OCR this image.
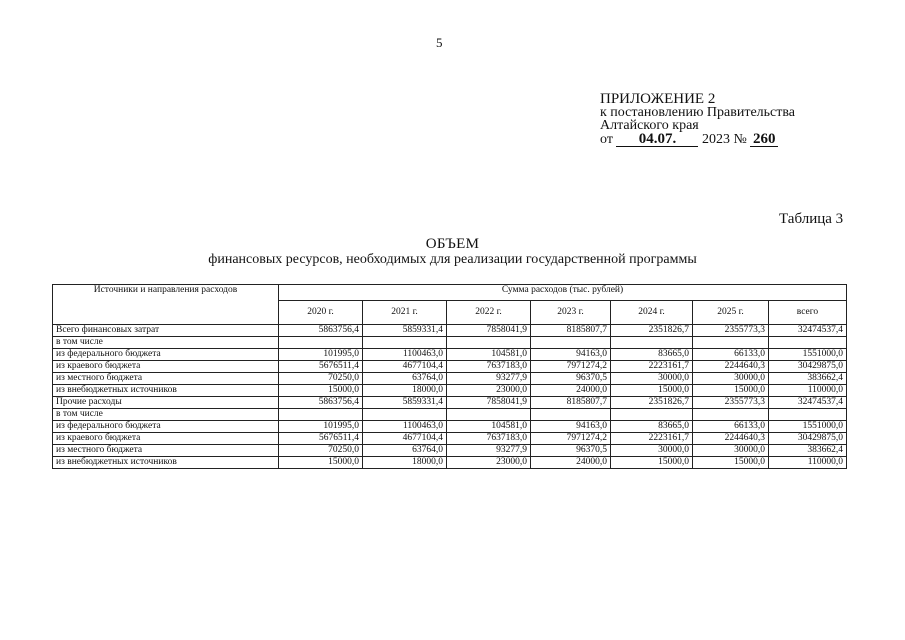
5
ПРИЛОЖЕНИЕ 2
к постановлению Правительства
Алтайского края
от 04.07. 2023 № 260
Таблица 3
ОБЪЕМ
финансовых ресурсов, необходимых для реализации государственной программы
Источники и направления расходов	Сумма расходов (тыс. рублей)						
	2020 г.	2021 г.	2022 г.	2023 г.	2024 г.	2025 г.	всего
Всего финансовых затрат	5863756,4	5859331,4	7858041,9	8185807,7	2351826,7	2355773,3	32474537,4
в том числе							
из федерального бюджета	101995,0	1100463,0	104581,0	94163,0	83665,0	66133,0	1551000,0
из краевого бюджета	5676511,4	4677104,4	7637183,0	7971274,2	2223161,7	2244640,3	30429875,0
из местного бюджета	70250,0	63764,0	93277,9	96370,5	30000,0	30000,0	383662,4
из внебюджетных источников	15000,0	18000,0	23000,0	24000,0	15000,0	15000,0	110000,0
Прочие расходы	5863756,4	5859331,4	7858041,9	8185807,7	2351826,7	2355773,3	32474537,4
в том числе							
из федерального бюджета	101995,0	1100463,0	104581,0	94163,0	83665,0	66133,0	1551000,0
из краевого бюджета	5676511,4	4677104,4	7637183,0	7971274,2	2223161,7	2244640,3	30429875,0
из местного бюджета	70250,0	63764,0	93277,9	96370,5	30000,0	30000,0	383662,4
из внебюджетных источников	15000,0	18000,0	23000,0	24000,0	15000,0	15000,0	110000,0
